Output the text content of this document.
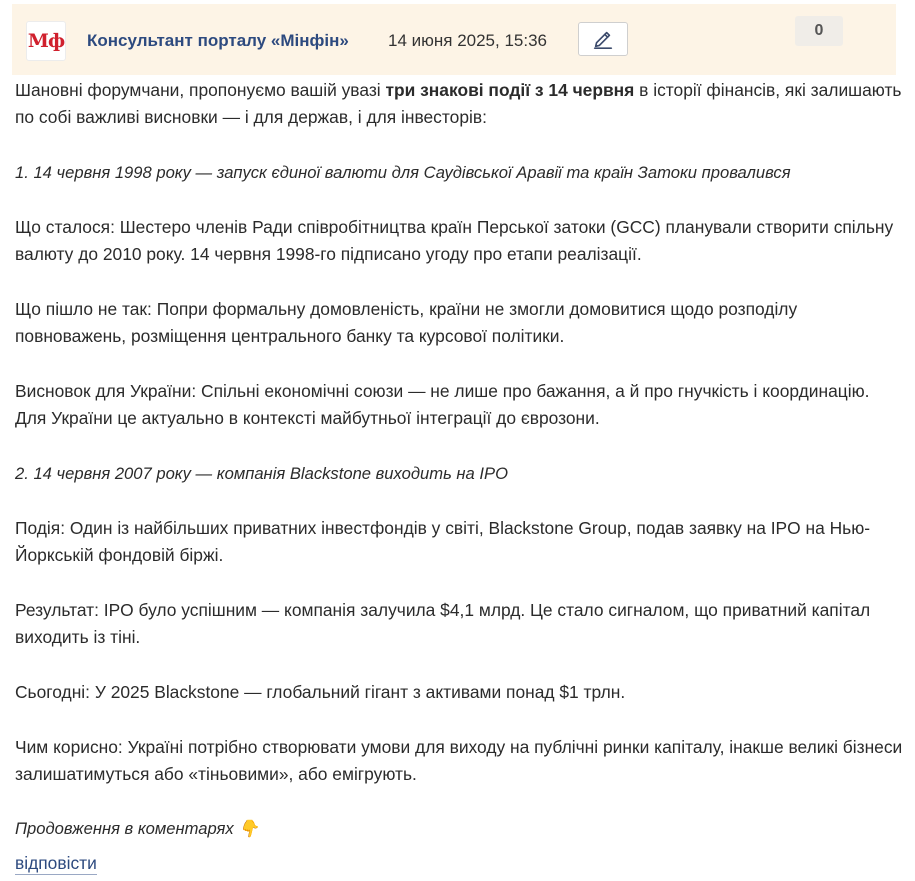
Мф Консультант порталу «Мінфін» 14 июня 2025, 15:36
0

Шановні форумчани, пропонуємо вашій увазі три знакові події з 14 червня в історії фінансів, які залишають по собі важливі висновки — і для держав, і для інвесторів:

1. 14 червня 1998 року — запуск єдиної валюти для Саудівської Аравії та країн Затоки провалився

Що сталося: Шестеро членів Ради співробітництва країн Перської затоки (GCC) планували створити спільну валюту до 2010 року. 14 червня 1998-го підписано угоду про етапи реалізації.

Що пішло не так: Попри формальну домовленість, країни не змогли домовитися щодо розподілу повноважень, розміщення центрального банку та курсової політики.

Висновок для України: Спільні економічні союзи — не лише про бажання, а й про гнучкість і координацію. Для України це актуально в контексті майбутньої інтеграції до єврозони.

2. 14 червня 2007 року — компанія Blackstone виходить на IPO

Подія: Один із найбільших приватних інвестфондів у світі, Blackstone Group, подав заявку на IPO на Нью-Йоркській фондовій біржі.

Результат: IPO було успішним — компанія залучила $4,1 млрд. Це стало сигналом, що приватний капітал виходить із тіні.

Сьогодні: У 2025 Blackstone — глобальний гігант з активами понад $1 трлн.

Чим корисно: Україні потрібно створювати умови для виходу на публічні ринки капіталу, інакше великі бізнеси залишатимуться або «тіньовими», або емігрують.

Продовження в коментарях 👇
відповісти
